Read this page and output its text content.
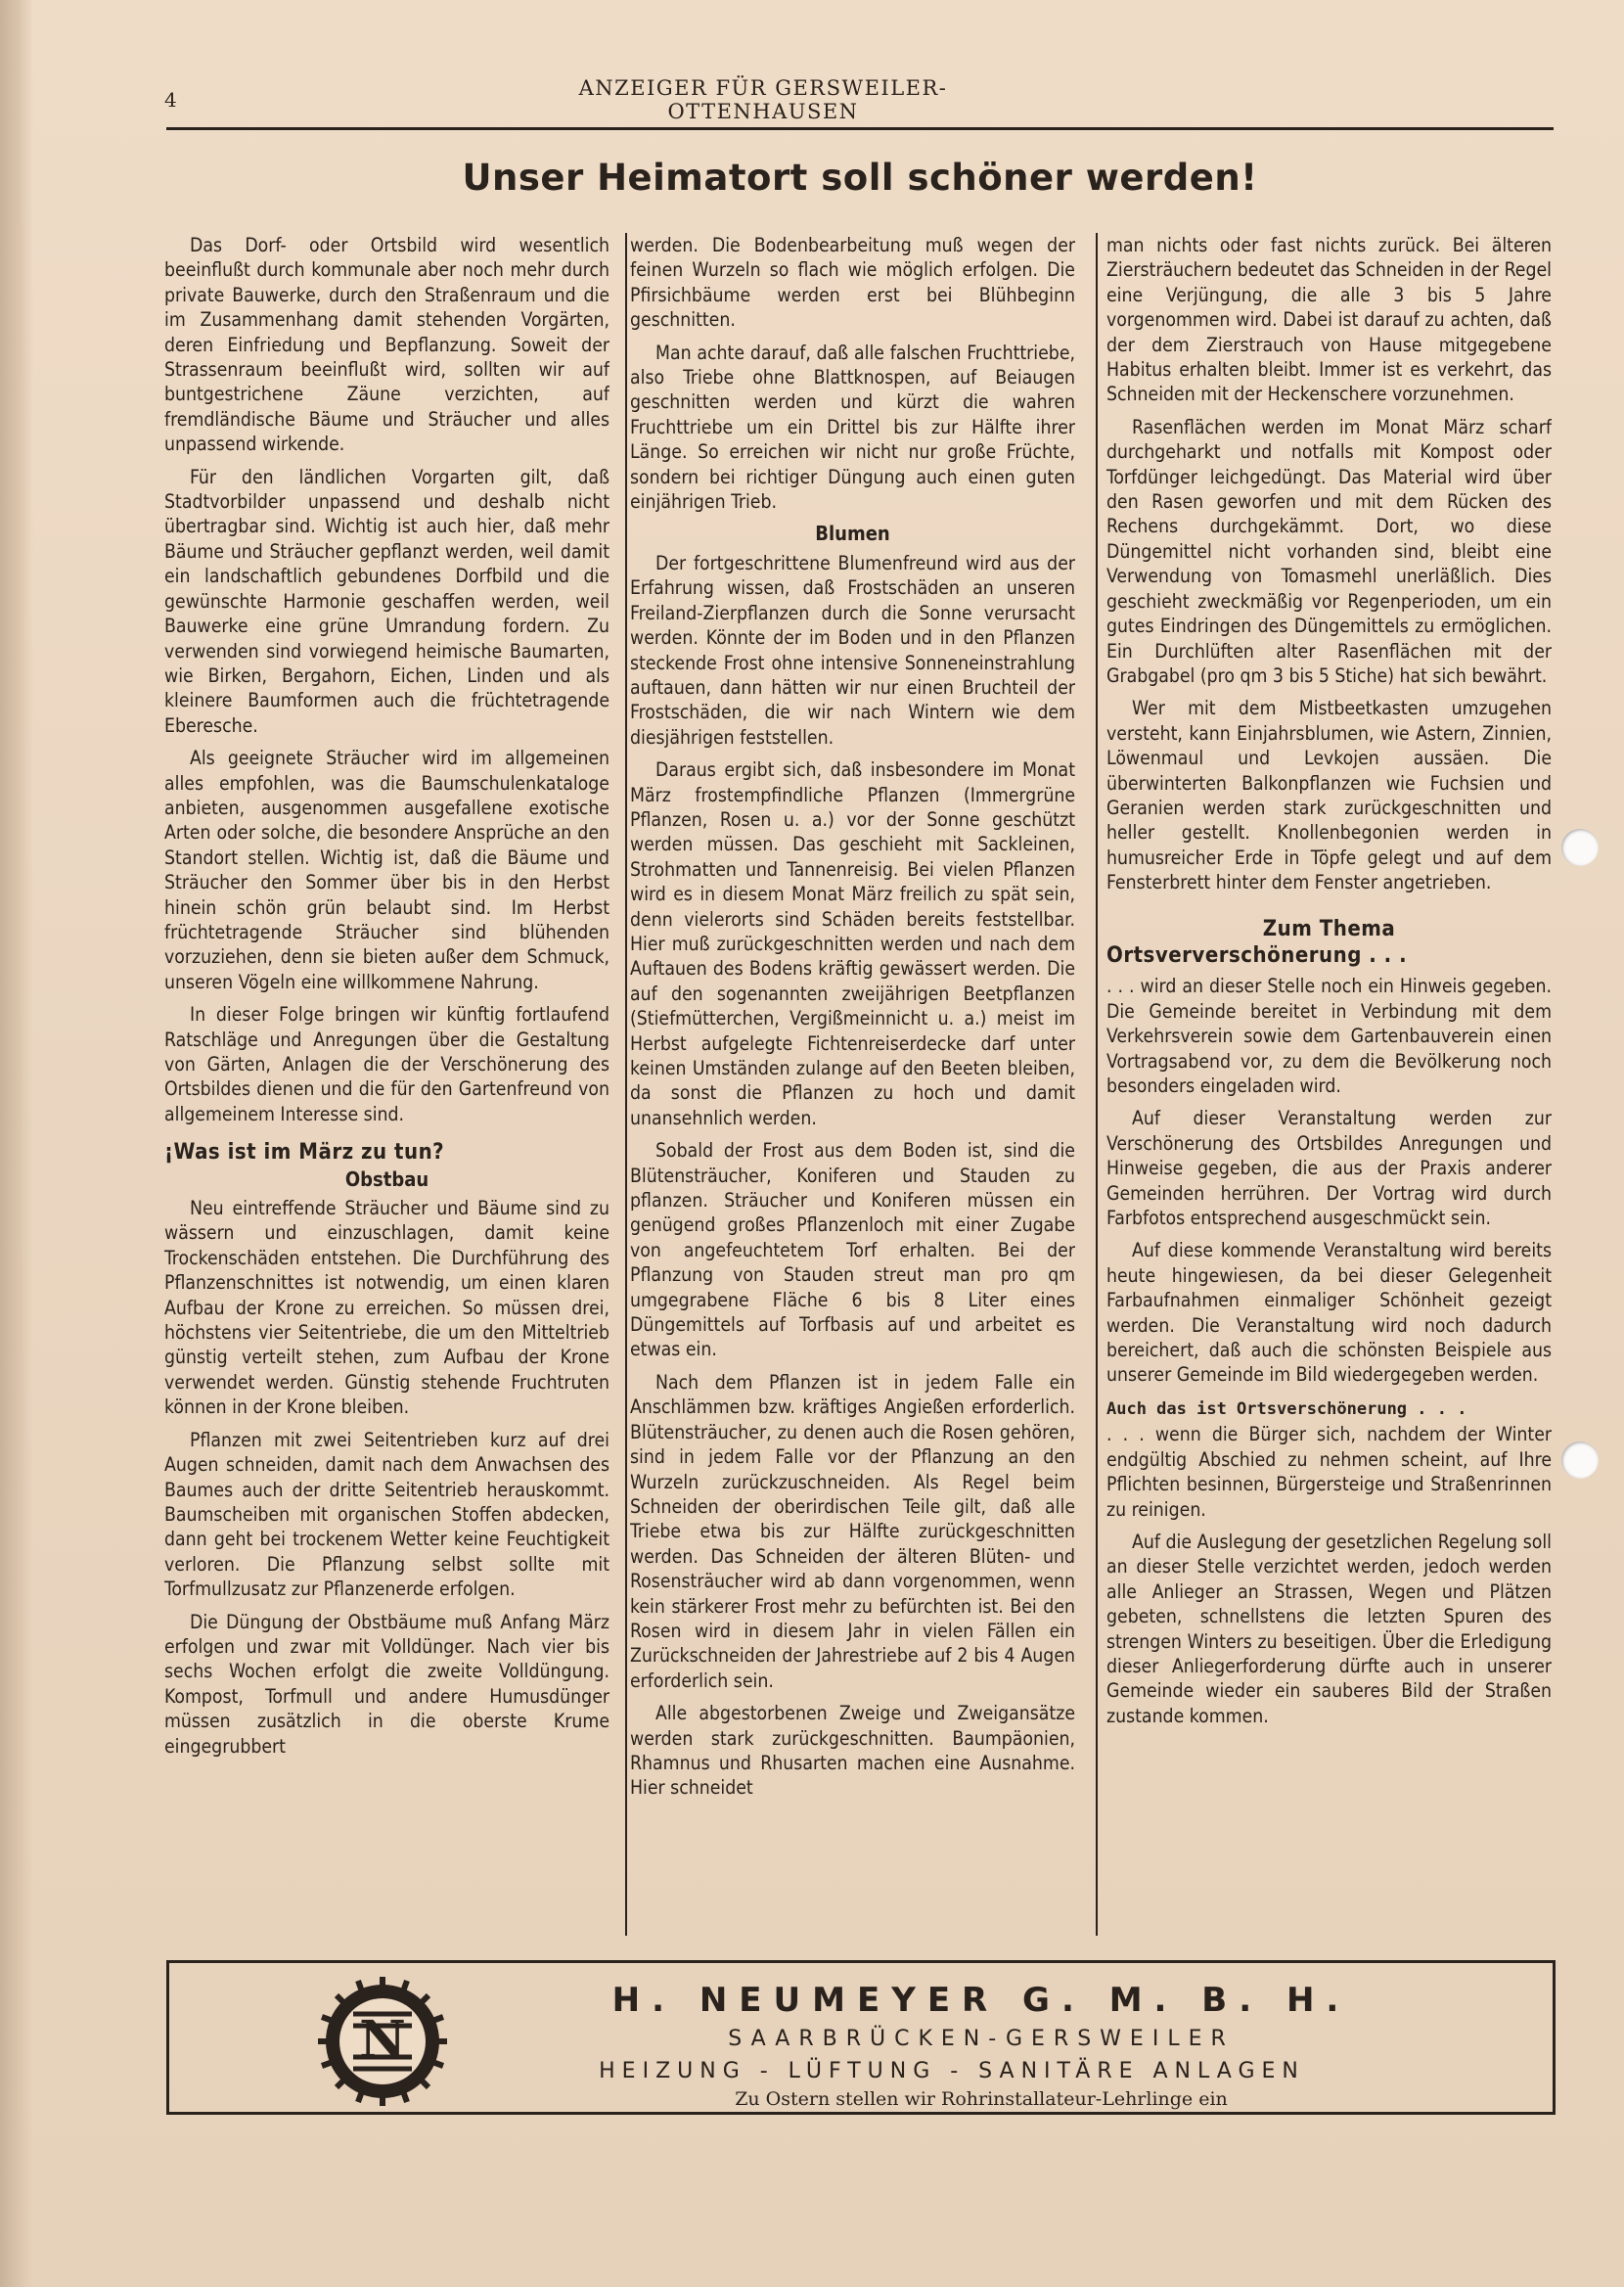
4	ANZEIGER FÜR GERSWEILER-OTTENHAUSEN
Unser Heimatort soll schöner werden!

Das Dorf- oder Ortsbild wird wesentlich beeinflußt durch kommunale aber noch mehr durch private Bauwerke, durch den Straßenraum und die im Zusammenhang damit stehenden Vorgärten, deren Einfriedung und Bepflanzung. Soweit der Strassenraum beeinflußt wird, sollten wir auf buntgestrichene Zäune verzichten, auf fremdländische Bäume und Sträucher und alles unpassend wirkende.

Für den ländlichen Vorgarten gilt, daß Stadtvorbilder unpassend und deshalb nicht übertragbar sind. Wichtig ist auch hier, daß mehr Bäume und Sträucher gepflanzt werden, weil damit ein landschaftlich gebundenes Dorfbild und die gewünschte Harmonie geschaffen werden, weil Bauwerke eine grüne Umrandung fordern. Zu verwenden sind vorwiegend heimische Baumarten, wie Birken, Bergahorn, Eichen, Linden und als kleinere Baumformen auch die früchtetragende Eberesche.

Als geeignete Sträucher wird im allgemeinen alles empfohlen, was die Baumschulenkataloge anbieten, ausgenommen ausgefallene exotische Arten oder solche, die besondere Ansprüche an den Standort stellen. Wichtig ist, daß die Bäume und Sträucher den Sommer über bis in den Herbst hinein schön grün belaubt sind. Im Herbst früchtetragende Sträucher sind blühenden vorzuziehen, denn sie bieten außer dem Schmuck, unseren Vögeln eine willkommene Nahrung.

In dieser Folge bringen wir künftig fortlaufend Ratschläge und Anregungen über die Gestaltung von Gärten, Anlagen die der Verschönerung des Ortsbildes dienen und die für den Gartenfreund von allgemeinem Interesse sind.

¡Was ist im März zu tun?
Obstbau

Neu eintreffende Sträucher und Bäume sind zu wässern und einzuschlagen, damit keine Trockenschäden entstehen. Die Durchführung des Pflanzenschnittes ist notwendig, um einen klaren Aufbau der Krone zu erreichen. So müssen drei, höchstens vier Seitentriebe, die um den Mitteltrieb günstig verteilt stehen, zum Aufbau der Krone verwendet werden. Günstig stehende Fruchtruten können in der Krone bleiben.

Pflanzen mit zwei Seitentrieben kurz auf drei Augen schneiden, damit nach dem Anwachsen des Baumes auch der dritte Seitentrieb herauskommt. Baumscheiben mit organischen Stoffen abdecken, dann geht bei trockenem Wetter keine Feuchtigkeit verloren. Die Pflanzung selbst sollte mit Torfmullzusatz zur Pflanzenerde erfolgen.

Die Düngung der Obstbäume muß Anfang März erfolgen und zwar mit Volldünger. Nach vier bis sechs Wochen erfolgt die zweite Volldüngung. Kompost, Torfmull und andere Humusdünger müssen zusätzlich in die oberste Krume eingegrubbert

werden. Die Bodenbearbeitung muß wegen der feinen Wurzeln so flach wie möglich erfolgen. Die Pfirsichbäume werden erst bei Blühbeginn geschnitten.

Man achte darauf, daß alle falschen Fruchttriebe, also Triebe ohne Blattknospen, auf Beiaugen geschnitten werden und kürzt die wahren Fruchttriebe um ein Drittel bis zur Hälfte ihrer Länge. So erreichen wir nicht nur große Früchte, sondern bei richtiger Düngung auch einen guten einjährigen Trieb.

Blumen

Der fortgeschrittene Blumenfreund wird aus der Erfahrung wissen, daß Frostschäden an unseren Freiland-Zierpflanzen durch die Sonne verursacht werden. Könnte der im Boden und in den Pflanzen steckende Frost ohne intensive Sonneneinstrahlung auftauen, dann hätten wir nur einen Bruchteil der Frostschäden, die wir nach Wintern wie dem diesjährigen feststellen.

Daraus ergibt sich, daß insbesondere im Monat März frostempfindliche Pflanzen (Immergrüne Pflanzen, Rosen u. a.) vor der Sonne geschützt werden müssen. Das geschieht mit Sackleinen, Strohmatten und Tannenreisig. Bei vielen Pflanzen wird es in diesem Monat März freilich zu spät sein, denn vielerorts sind Schäden bereits feststellbar. Hier muß zurückgeschnitten werden und nach dem Auftauen des Bodens kräftig gewässert werden. Die auf den sogenannten zweijährigen Beetpflanzen (Stiefmütterchen, Vergißmeinnicht u. a.) meist im Herbst aufgelegte Fichtenreiserdecke darf unter keinen Umständen zulange auf den Beeten bleiben, da sonst die Pflanzen zu hoch und damit unansehnlich werden.

Sobald der Frost aus dem Boden ist, sind die Blütensträucher, Koniferen und Stauden zu pflanzen. Sträucher und Koniferen müssen ein genügend großes Pflanzenloch mit einer Zugabe von angefeuchtetem Torf erhalten. Bei der Pflanzung von Stauden streut man pro qm umgegrabene Fläche 6 bis 8 Liter eines Düngemittels auf Torfbasis auf und arbeitet es etwas ein.

Nach dem Pflanzen ist in jedem Falle ein Anschlämmen bzw. kräftiges Angießen erforderlich. Blütensträucher, zu denen auch die Rosen gehören, sind in jedem Falle vor der Pflanzung an den Wurzeln zurückzuschneiden. Als Regel beim Schneiden der oberirdischen Teile gilt, daß alle Triebe etwa bis zur Hälfte zurückgeschnitten werden. Das Schneiden der älteren Blüten- und Rosensträucher wird ab dann vorgenommen, wenn kein stärkerer Frost mehr zu befürchten ist. Bei den Rosen wird in diesem Jahr in vielen Fällen ein Zurückschneiden der Jahrestriebe auf 2 bis 4 Augen erforderlich sein.

Alle abgestorbenen Zweige und Zweigansätze werden stark zurückgeschnitten. Baumpäonien, Rhamnus und Rhusarten machen eine Ausnahme. Hier schneidet

man nichts oder fast nichts zurück. Bei älteren Ziersträuchern bedeutet das Schneiden in der Regel eine Verjüngung, die alle 3 bis 5 Jahre vorgenommen wird. Dabei ist darauf zu achten, daß der dem Zierstrauch von Hause mitgegebene Habitus erhalten bleibt. Immer ist es verkehrt, das Schneiden mit der Heckenschere vorzunehmen.

Rasenflächen werden im Monat März scharf durchgeharkt und notfalls mit Kompost oder Torfdünger leichgedüngt. Das Material wird über den Rasen geworfen und mit dem Rücken des Rechens durchgekämmt. Dort, wo diese Düngemittel nicht vorhanden sind, bleibt eine Verwendung von Tomasmehl unerläßlich. Dies geschieht zweckmäßig vor Regenperioden, um ein gutes Eindringen des Düngemittels zu ermöglichen. Ein Durchlüften alter Rasenflächen mit der Grabgabel (pro qm 3 bis 5 Stiche) hat sich bewährt.

Wer mit dem Mistbeetkasten umzugehen versteht, kann Einjahrsblumen, wie Astern, Zinnien, Löwenmaul und Levkojen aussäen. Die überwinterten Balkonpflanzen wie Fuchsien und Geranien werden stark zurückgeschnitten und heller gestellt. Knollenbegonien werden in humusreicher Erde in Töpfe gelegt und auf dem Fensterbrett hinter dem Fenster angetrieben.

Zum Thema
Ortsververschönerung . . .

. . . wird an dieser Stelle noch ein Hinweis gegeben. Die Gemeinde bereitet in Verbindung mit dem Verkehrsverein sowie dem Gartenbauverein einen Vortragsabend vor, zu dem die Bevölkerung noch besonders eingeladen wird.

Auf dieser Veranstaltung werden zur Verschönerung des Ortsbildes Anregungen und Hinweise gegeben, die aus der Praxis anderer Gemeinden herrühren. Der Vortrag wird durch Farbfotos entsprechend ausgeschmückt sein.

Auf diese kommende Veranstaltung wird bereits heute hingewiesen, da bei dieser Gelegenheit Farbaufnahmen einmaliger Schönheit gezeigt werden. Die Veranstaltung wird noch dadurch bereichert, daß auch die schönsten Beispiele aus unserer Gemeinde im Bild wiedergegeben werden.

Auch das ist Ortsverschönerung . . .

. . . wenn die Bürger sich, nachdem der Winter endgültig Abschied zu nehmen scheint, auf Ihre Pflichten besinnen, Bürgersteige und Straßenrinnen zu reinigen.

Auf die Auslegung der gesetzlichen Regelung soll an dieser Stelle verzichtet werden, jedoch werden alle Anlieger an Strassen, Wegen und Plätzen gebeten, schnellstens die letzten Spuren des strengen Winters zu beseitigen. Über die Erledigung dieser Anliegerforderung dürfte auch in unserer Gemeinde wieder ein sauberes Bild der Straßen zustande kommen.

N
H. NEUMEYER G. M. B. H.
SAARBRÜCKEN-GERSWEILER
HEIZUNG - LÜFTUNG - SANITÄRE ANLAGEN
Zu Ostern stellen wir Rohrinstallateur-Lehrlinge ein
